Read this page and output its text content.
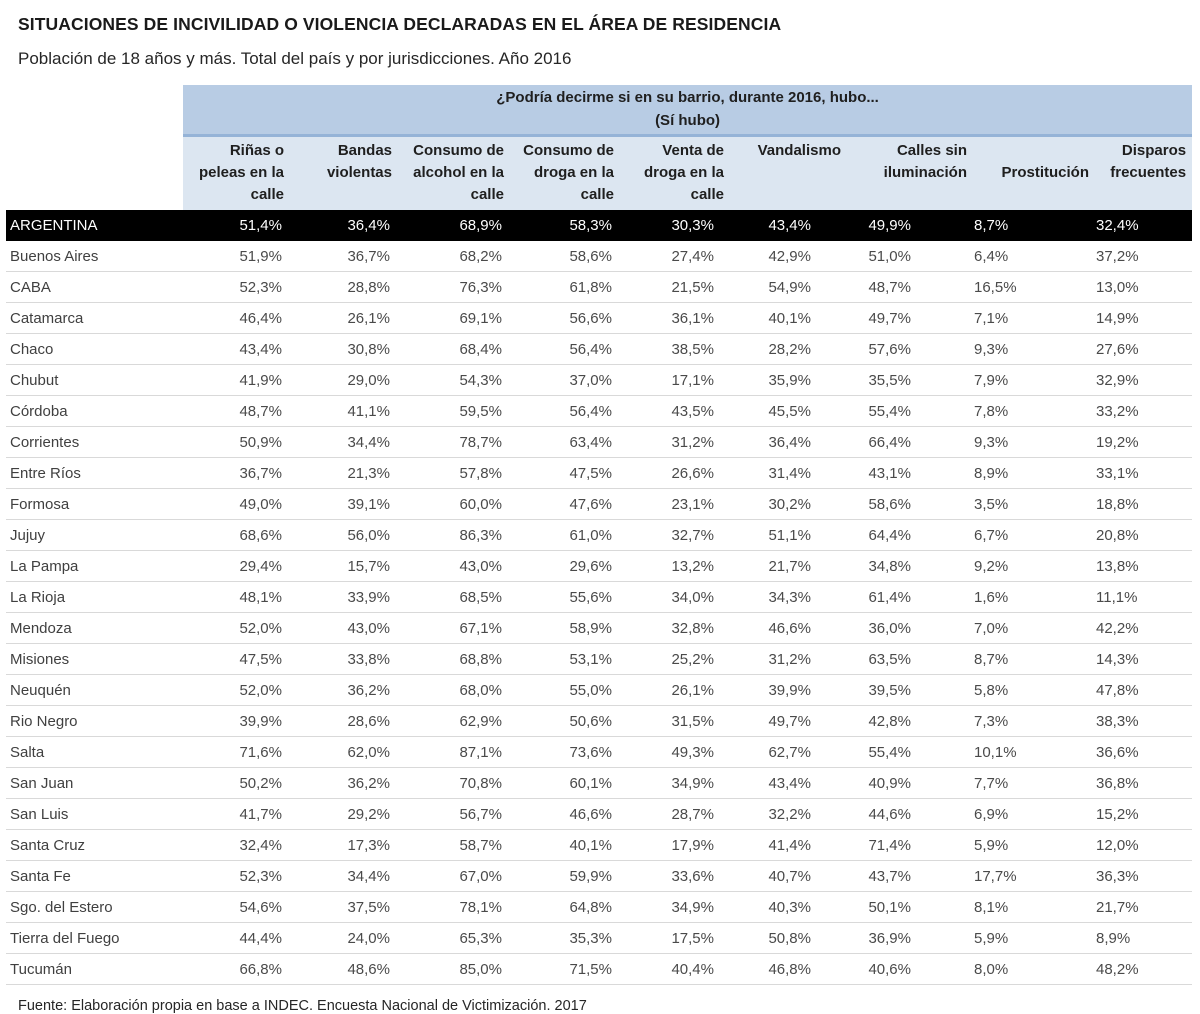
SITUACIONES DE INCIVILIDAD O VIOLENCIA DECLARADAS EN EL ÁREA DE RESIDENCIA
Población de 18 años y más. Total del país y por jurisdicciones. Año 2016

	¿Podría decirme si en su barrio, durante 2016, hubo...
(Sí hubo)								

	Riñas o peleas en la calle	Bandas violentas	Consumo de alcohol en la calle	Consumo de droga en la calle	Venta de droga en la calle	Vandalismo	Calles sin iluminación	Prostitución	Disparos frecuentes
ARGENTINA	51,4%	36,4%	68,9%	58,3%	30,3%	43,4%	49,9%	8,7%	32,4%
Buenos Aires	51,9%	36,7%	68,2%	58,6%	27,4%	42,9%	51,0%	6,4%	37,2%
CABA	52,3%	28,8%	76,3%	61,8%	21,5%	54,9%	48,7%	16,5%	13,0%
Catamarca	46,4%	26,1%	69,1%	56,6%	36,1%	40,1%	49,7%	7,1%	14,9%
Chaco	43,4%	30,8%	68,4%	56,4%	38,5%	28,2%	57,6%	9,3%	27,6%
Chubut	41,9%	29,0%	54,3%	37,0%	17,1%	35,9%	35,5%	7,9%	32,9%
Córdoba	48,7%	41,1%	59,5%	56,4%	43,5%	45,5%	55,4%	7,8%	33,2%
Corrientes	50,9%	34,4%	78,7%	63,4%	31,2%	36,4%	66,4%	9,3%	19,2%
Entre Ríos	36,7%	21,3%	57,8%	47,5%	26,6%	31,4%	43,1%	8,9%	33,1%
Formosa	49,0%	39,1%	60,0%	47,6%	23,1%	30,2%	58,6%	3,5%	18,8%
Jujuy	68,6%	56,0%	86,3%	61,0%	32,7%	51,1%	64,4%	6,7%	20,8%
La Pampa	29,4%	15,7%	43,0%	29,6%	13,2%	21,7%	34,8%	9,2%	13,8%
La Rioja	48,1%	33,9%	68,5%	55,6%	34,0%	34,3%	61,4%	1,6%	11,1%
Mendoza	52,0%	43,0%	67,1%	58,9%	32,8%	46,6%	36,0%	7,0%	42,2%
Misiones	47,5%	33,8%	68,8%	53,1%	25,2%	31,2%	63,5%	8,7%	14,3%
Neuquén	52,0%	36,2%	68,0%	55,0%	26,1%	39,9%	39,5%	5,8%	47,8%
Rio Negro	39,9%	28,6%	62,9%	50,6%	31,5%	49,7%	42,8%	7,3%	38,3%
Salta	71,6%	62,0%	87,1%	73,6%	49,3%	62,7%	55,4%	10,1%	36,6%
San Juan	50,2%	36,2%	70,8%	60,1%	34,9%	43,4%	40,9%	7,7%	36,8%
San Luis	41,7%	29,2%	56,7%	46,6%	28,7%	32,2%	44,6%	6,9%	15,2%
Santa Cruz	32,4%	17,3%	58,7%	40,1%	17,9%	41,4%	71,4%	5,9%	12,0%
Santa Fe	52,3%	34,4%	67,0%	59,9%	33,6%	40,7%	43,7%	17,7%	36,3%
Sgo. del Estero	54,6%	37,5%	78,1%	64,8%	34,9%	40,3%	50,1%	8,1%	21,7%
Tierra del Fuego	44,4%	24,0%	65,3%	35,3%	17,5%	50,8%	36,9%	5,9%	8,9%
Tucumán	66,8%	48,6%	85,0%	71,5%	40,4%	46,8%	40,6%	8,0%	48,2%
Fuente: Elaboración propia en base a INDEC. Encuesta Nacional de Victimización. 2017
